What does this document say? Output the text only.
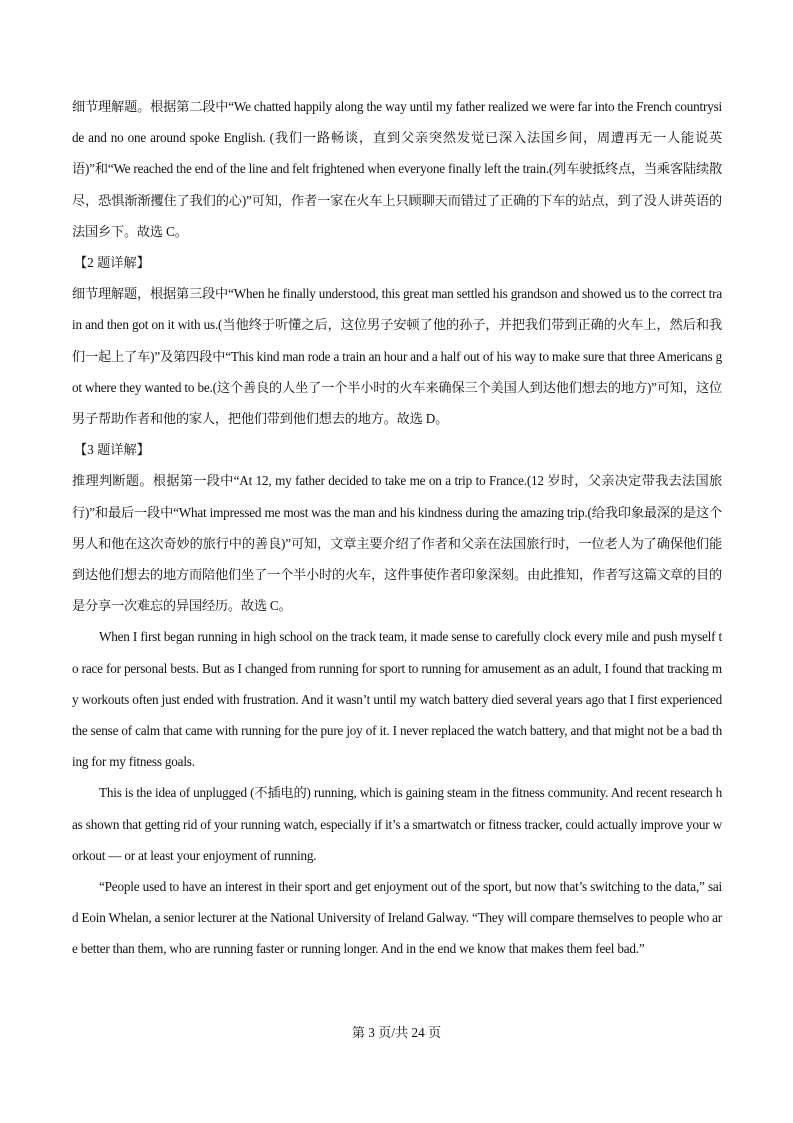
细节理解题。根据第二段中“We chatted happily along the way until my father realized we were far into the French countryside and no one around spoke English. (我们一路畅谈，直到父亲突然发觉已深入法国乡间，周遭再无一人能说英语)”和“We reached the end of the line and felt frightened when everyone finally left the train.(列车驶抵终点，当乘客陆续散尽，恐惧渐渐攫住了我们的心)”可知，作者一家在火车上只顾聊天而错过了正确的下车的站点，到了没人讲英语的法国乡下。故选 C。

【2 题详解】

细节理解题，根据第三段中“When he finally understood, this great man settled his grandson and showed us to the correct train and then got on it with us.(当他终于听懂之后，这位男子安顿了他的孙子，并把我们带到正确的火车上，然后和我们一起上了车)”及第四段中“This kind man rode a train an hour and a half out of his way to make sure that three Americans got where they wanted to be.(这个善良的人坐了一个半小时的火车来确保三个美国人到达他们想去的地方)”可知，这位男子帮助作者和他的家人，把他们带到他们想去的地方。故选 D。

【3 题详解】

推理判断题。根据第一段中“At 12, my father decided to take me on a trip to France.(12 岁时，父亲决定带我去法国旅行)”和最后一段中“What impressed me most was the man and his kindness during the amazing trip.(给我印象最深的是这个男人和他在这次奇妙的旅行中的善良)”可知，文章主要介绍了作者和父亲在法国旅行时，一位老人为了确保他们能到达他们想去的地方而陪他们坐了一个半小时的火车，这件事使作者印象深刻。由此推知，作者写这篇文章的目的是分享一次难忘的异国经历。故选 C。

When I first began running in high school on the track team, it made sense to carefully clock every mile and push myself to race for personal bests. But as I changed from running for sport to running for amusement as an adult, I found that tracking my workouts often just ended with frustration. And it wasn’t until my watch battery died several years ago that I first experienced the sense of calm that came with running for the pure joy of it. I never replaced the watch battery, and that might not be a bad thing for my fitness goals.

This is the idea of unplugged (不插电的) running, which is gaining steam in the fitness community. And recent research has shown that getting rid of your running watch, especially if it’s a smartwatch or fitness tracker, could actually improve your workout — or at least your enjoyment of running.

“People used to have an interest in their sport and get enjoyment out of the sport, but now that’s switching to the data,” said Eoin Whelan, a senior lecturer at the National University of Ireland Galway. “They will compare themselves to people who are better than them, who are running faster or running longer. And in the end we know that makes them feel bad.”

第 3 页/共 24 页
